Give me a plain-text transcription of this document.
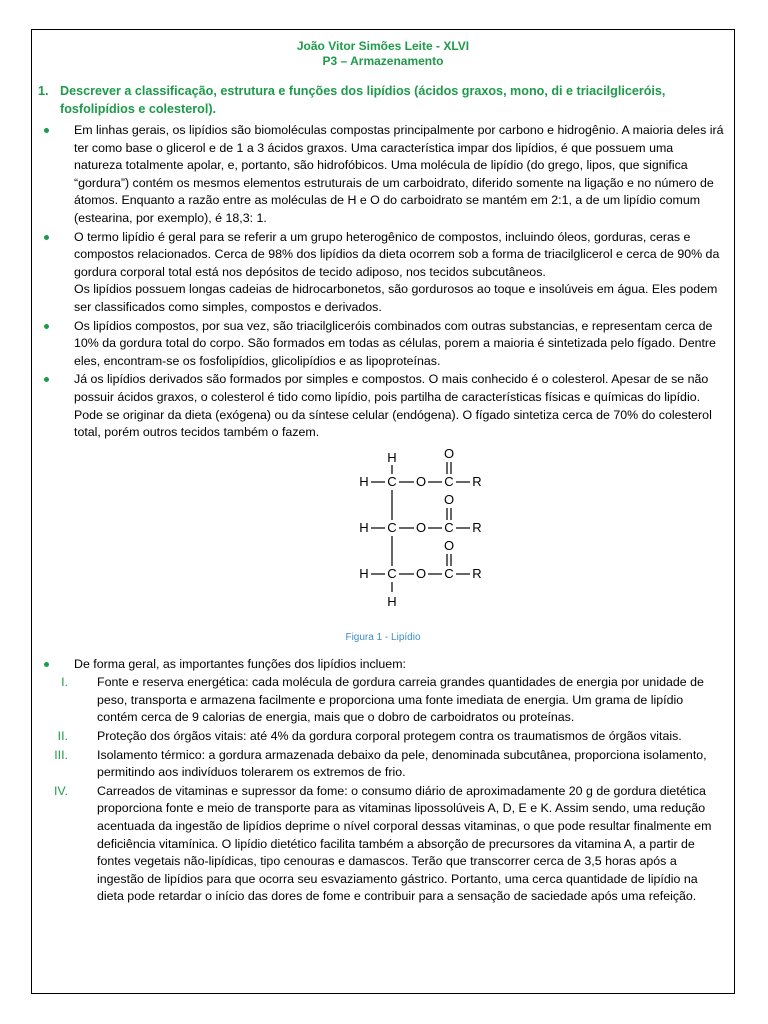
João Vitor Simões Leite - XLVI
P3 – Armazenamento
1. Descrever a classificação, estrutura e funções dos lipídios (ácidos graxos, mono, di e triacilgliceróis, fosfolipídios e colesterol).
Em linhas gerais, os lipídios são biomoléculas compostas principalmente por carbono e hidrogênio. A maioria deles irá ter como base o glicerol e de 1 a 3 ácidos graxos. Uma característica impar dos lipídios, é que possuem uma natureza totalmente apolar, e, portanto, são hidrofóbicos. Uma molécula de lipídio (do grego, lipos, que significa “gordura”) contém os mesmos elementos estruturais de um carboidrato, diferido somente na ligação e no número de átomos. Enquanto a razão entre as moléculas de H e O do carboidrato se mantém em 2:1, a de um lipídio comum (estearina, por exemplo), é 18,3: 1.
O termo lipídio é geral para se referir a um grupo heterogênico de compostos, incluindo óleos, gorduras, ceras e compostos relacionados. Cerca de 98% dos lipídios da dieta ocorrem sob a forma de triacilglicerol e cerca de 90% da gordura corporal total está nos depósitos de tecido adiposo, nos tecidos subcutâneos.
Os lipídios possuem longas cadeias de hidrocarbonetos, são gordurosos ao toque e insolúveis em água. Eles podem ser classificados como simples, compostos e derivados.
Os lipídios compostos, por sua vez, são triacilgliceróis combinados com outras substancias, e representam cerca de 10% da gordura total do corpo. São formados em todas as células, porem a maioria é sintetizada pelo fígado. Dentre eles, encontram-se os fosfolipídios, glicolipídios e as lipoproteínas.
Já os lipídios derivados são formados por simples e compostos. O mais conhecido é o colesterol. Apesar de se não possuir ácidos graxos, o colesterol é tido como lipídio, pois partilha de características físicas e químicas do lipídio. Pode se originar da dieta (exógena) ou da síntese celular (endógena). O fígado sintetiza cerca de 70% do colesterol total, porém outros tecidos também o fazem.
H
H C O C R
O
H C O C R
O
H C O C R
O
H
Figura 1 - Lipídio
De forma geral, as importantes funções dos lipídios incluem:
I. Fonte e reserva energética: cada molécula de gordura carreia grandes quantidades de energia por unidade de peso, transporta e armazena facilmente e proporciona uma fonte imediata de energia. Um grama de lipídio contém cerca de 9 calorias de energia, mais que o dobro de carboidratos ou proteínas.
II. Proteção dos órgãos vitais: até 4% da gordura corporal protegem contra os traumatismos de órgãos vitais.
III. Isolamento térmico: a gordura armazenada debaixo da pele, denominada subcutânea, proporciona isolamento, permitindo aos indivíduos tolerarem os extremos de frio.
IV. Carreados de vitaminas e supressor da fome: o consumo diário de aproximadamente 20 g de gordura dietética proporciona fonte e meio de transporte para as vitaminas lipossolúveis A, D, E e K. Assim sendo, uma redução acentuada da ingestão de lipídios deprime o nível corporal dessas vitaminas, o que pode resultar finalmente em deficiência vitamínica. O lipídio dietético facilita também a absorção de precursores da vitamina A, a partir de fontes vegetais não-lipídicas, tipo cenouras e damascos. Terão que transcorrer cerca de 3,5 horas após a ingestão de lipídios para que ocorra seu esvaziamento gástrico. Portanto, uma cerca quantidade de lipídio na dieta pode retardar o início das dores de fome e contribuir para a sensação de saciedade após uma refeição.
